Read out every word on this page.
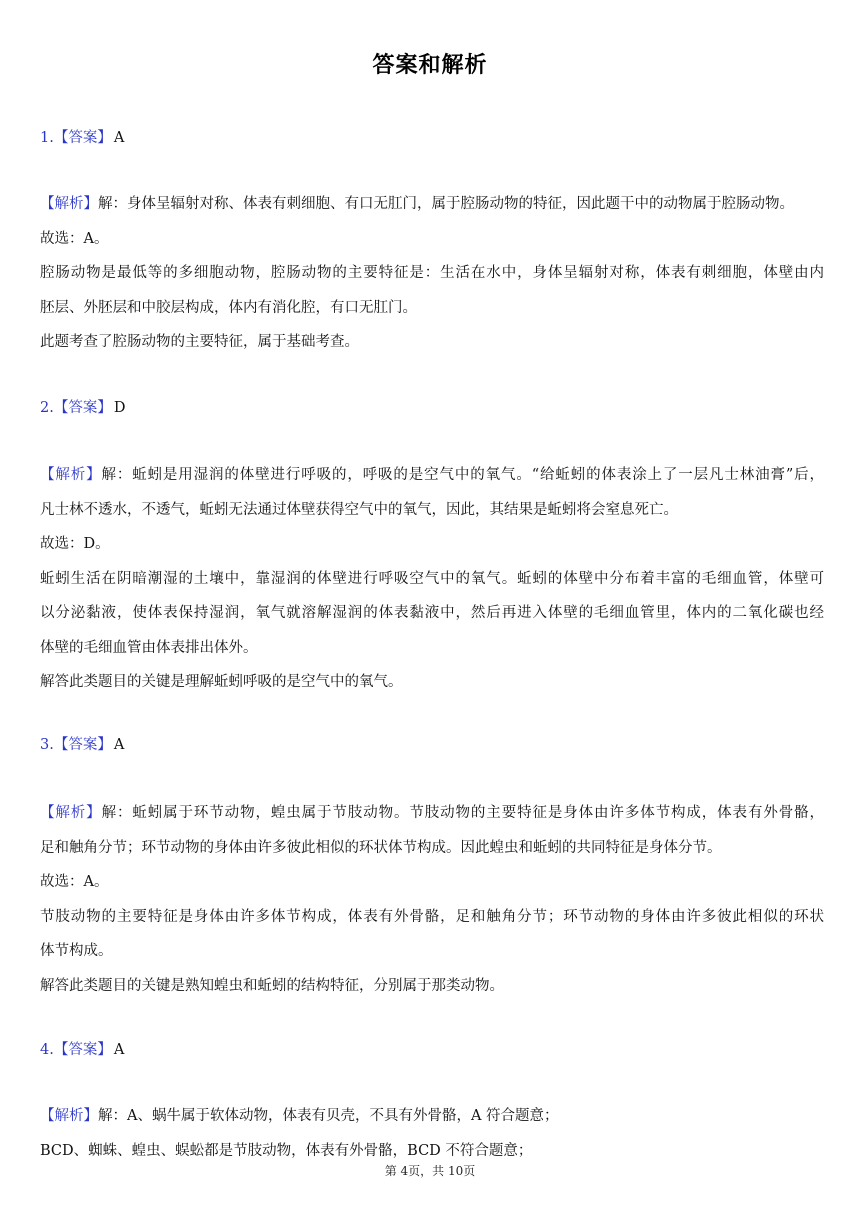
答案和解析
1.【答案】 A

【解析】解：身体呈辐射对称、体表有刺细胞、有口无肛门，属于腔肠动物的特征，因此题干中的动物属于腔肠动物。

故选：A。

腔肠动物是最低等的多细胞动物，腔肠动物的主要特征是：生活在水中，身体呈辐射对称，体表有刺细胞，体壁由内

胚层、外胚层和中胶层构成，体内有消化腔，有口无肛门。

此题考查了腔肠动物的主要特征，属于基础考查。

2.【答案】 D

【解析】解：蚯蚓是用湿润的体壁进行呼吸的，呼吸的是空气中的氧气。“给蚯蚓的体表涂上了一层凡士林油膏”后，

凡士林不透水，不透气，蚯蚓无法通过体壁获得空气中的氧气，因此，其结果是蚯蚓将会窒息死亡。

故选：D。

蚯蚓生活在阴暗潮湿的土壤中，靠湿润的体壁进行呼吸空气中的氧气。蚯蚓的体壁中分布着丰富的毛细血管，体壁可

以分泌黏液，使体表保持湿润，氧气就溶解湿润的体表黏液中，然后再进入体壁的毛细血管里，体内的二氧化碳也经

体壁的毛细血管由体表排出体外。

解答此类题目的关键是理解蚯蚓呼吸的是空气中的氧气。

3.【答案】 A

【解析】解：蚯蚓属于环节动物，蝗虫属于节肢动物。节肢动物的主要特征是身体由许多体节构成，体表有外骨骼，

足和触角分节；环节动物的身体由许多彼此相似的环状体节构成。因此蝗虫和蚯蚓的共同特征是身体分节。

故选：A。

节肢动物的主要特征是身体由许多体节构成，体表有外骨骼，足和触角分节；环节动物的身体由许多彼此相似的环状

体节构成。

解答此类题目的关键是熟知蝗虫和蚯蚓的结构特征，分别属于那类动物。

4.【答案】 A

【解析】解：A、蜗牛属于软体动物，体表有贝壳，不具有外骨骼，A 符合题意；

BCD、蜘蛛、蝗虫、蜈蚣都是节肢动物，体表有外骨骼，BCD 不符合题意；

第 4页，共 10页
